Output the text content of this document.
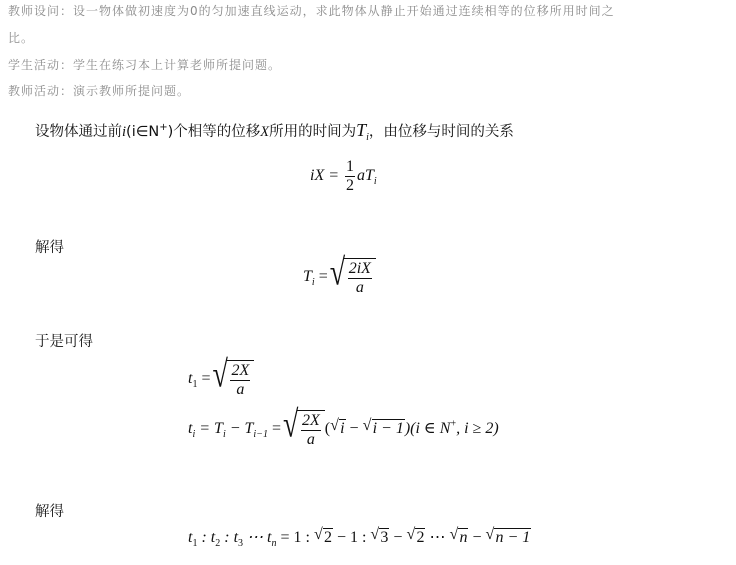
教师设问：设一物体做初速度为0的匀加速直线运动，求此物体从静止开始通过连续相等的位移所用时间之
比。
学生活动：学生在练习本上计算老师所提问题。
教师活动：演示教师所提问题。
设物体通过前i(i∈N+)个相等的位移X所用的时间为$T_i$，由位移与时间的关系
iX = $\frac{1}{2} aT_i$
解得
$T_i$ = √ $\frac{2iX}{a}$
于是可得
$t_1$ = √ $\frac{2X}{a}$
$t_i = T_i - T_{i-1}$ = √ $\frac{2X}{a}$ ( √ i − √ i − 1)(i ∈ N+, i ≥ 2)
解得
$t_1$ : $t_2$ : $t_3$ ⋯ $t_n = 1$ : √ 2 − 1 : √ 3 − √ 2 ⋯ √ n − √ n − 1
